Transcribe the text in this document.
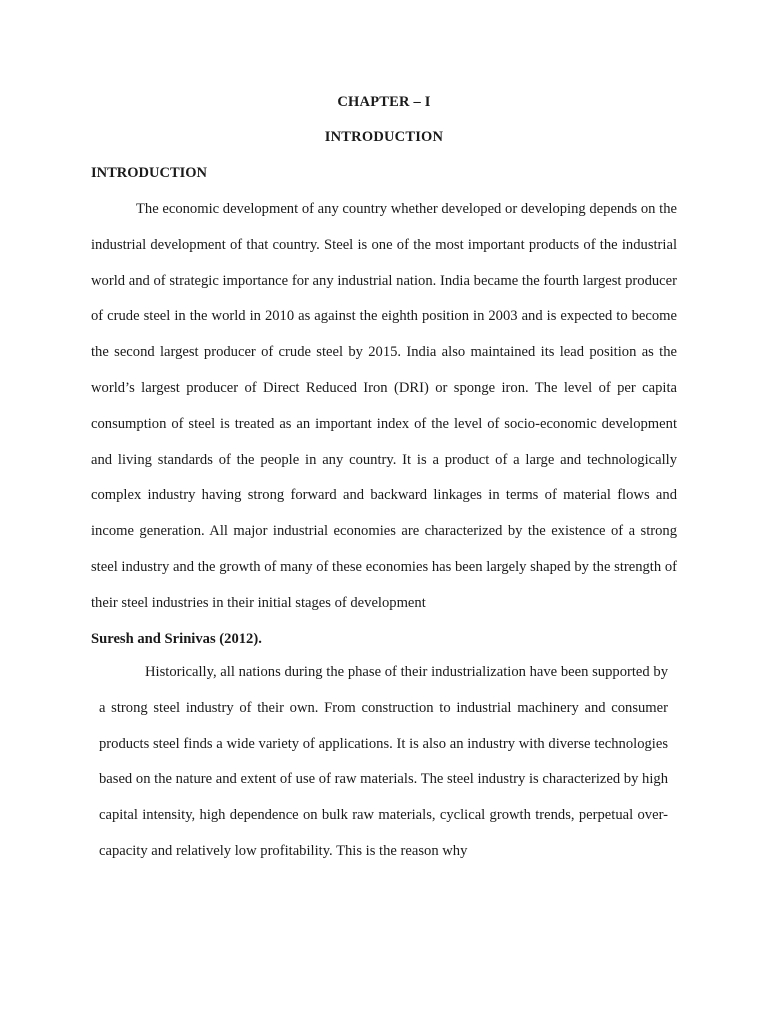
CHAPTER – I
INTRODUCTION
INTRODUCTION

The economic development of any country whether developed or developing depends on the industrial development of that country. Steel is one of the most important products of the industrial world and of strategic importance for any industrial nation. India became the fourth largest producer of crude steel in the world in 2010 as against the eighth position in 2003 and is expected to become the second largest producer of crude steel by 2015. India also maintained its lead position as the world’s largest producer of Direct Reduced Iron (DRI) or sponge iron. The level of per capita consumption of steel is treated as an important index of the level of socio-economic development and living standards of the people in any country. It is a product of a large and technologically complex industry having strong forward and backward linkages in terms of material flows and income generation. All major industrial economies are characterized by the existence of a strong steel industry and the growth of many of these economies has been largely shaped by the strength of their steel industries in their initial stages of development
Suresh and Srinivas (2012).

Historically, all nations during the phase of their industrialization have been supported by a strong steel industry of their own. From construction to industrial machinery and consumer products steel finds a wide variety of applications. It is also an industry with diverse technologies based on the nature and extent of use of raw materials. The steel industry is characterized by high capital intensity, high dependence on bulk raw materials, cyclical growth trends, perpetual over-capacity and relatively low profitability. This is the reason why
